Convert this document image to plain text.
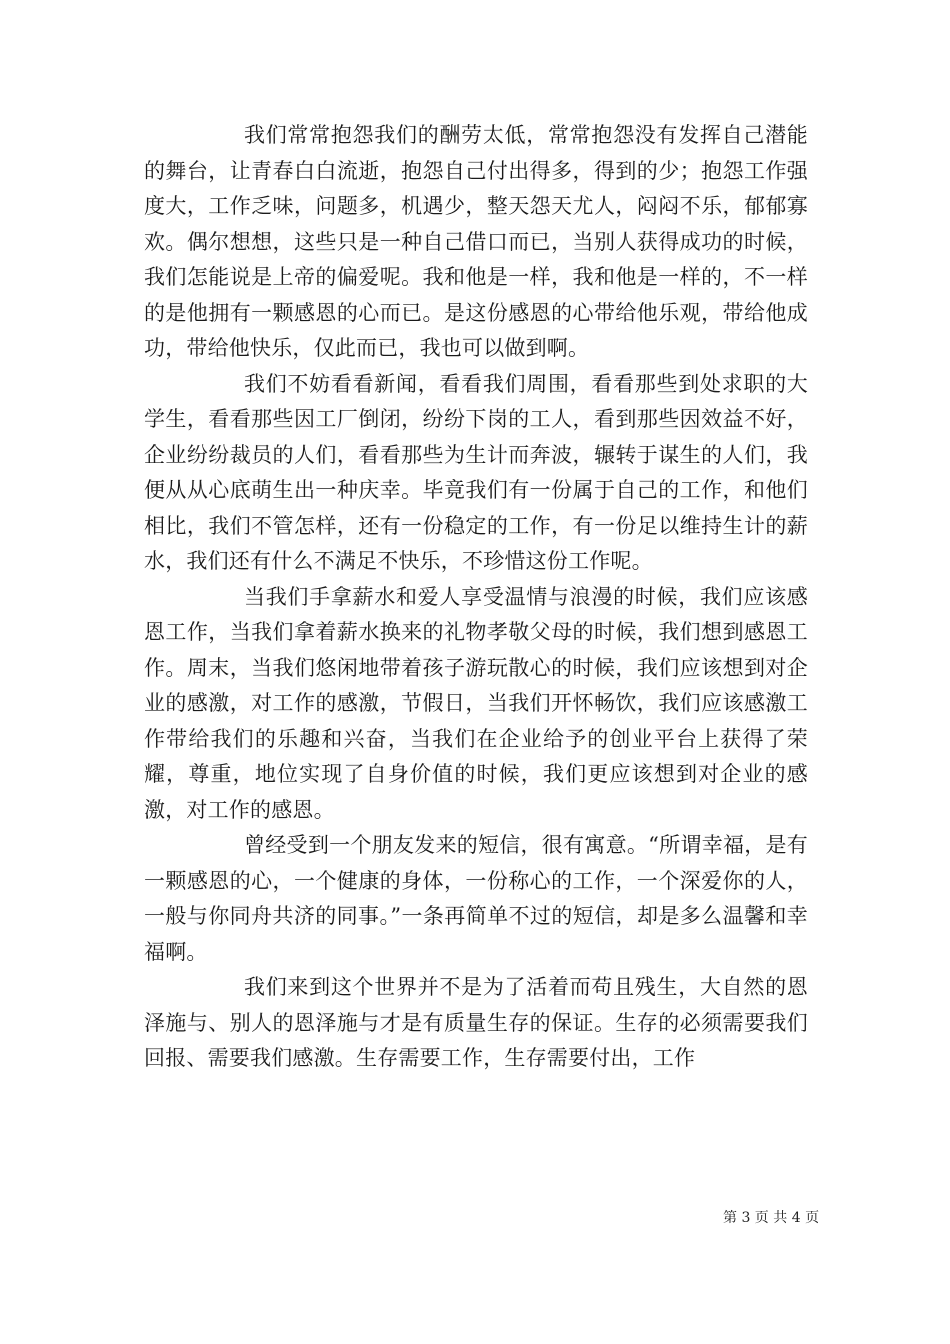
我们常常抱怨我们的酬劳太低，常常抱怨没有发挥自己潜能的舞台，让青春白白流逝，抱怨自己付出得多，得到的少；抱怨工作强度大，工作乏味，问题多，机遇少，整天怨天尤人，闷闷不乐，郁郁寡欢。偶尔想想，这些只是一种自己借口而已，当别人获得成功的时候，我们怎能说是上帝的偏爱呢。我和他是一样，我和他是一样的，不一样的是他拥有一颗感恩的心而已。是这份感恩的心带给他乐观，带给他成功，带给他快乐，仅此而已，我也可以做到啊。

我们不妨看看新闻，看看我们周围，看看那些到处求职的大学生，看看那些因工厂倒闭，纷纷下岗的工人，看到那些因效益不好，企业纷纷裁员的人们，看看那些为生计而奔波，辗转于谋生的人们，我便从从心底萌生出一种庆幸。毕竟我们有一份属于自己的工作，和他们相比，我们不管怎样，还有一份稳定的工作，有一份足以维持生计的薪水，我们还有什么不满足不快乐，不珍惜这份工作呢。

当我们手拿薪水和爱人享受温情与浪漫的时候，我们应该感恩工作，当我们拿着薪水换来的礼物孝敬父母的时候，我们想到感恩工作。周末，当我们悠闲地带着孩子游玩散心的时候，我们应该想到对企业的感激，对工作的感激，节假日，当我们开怀畅饮，我们应该感激工作带给我们的乐趣和兴奋，当我们在企业给予的创业平台上获得了荣耀，尊重，地位实现了自身价值的时候，我们更应该想到对企业的感激，对工作的感恩。

曾经受到一个朋友发来的短信，很有寓意。“所谓幸福，是有一颗感恩的心，一个健康的身体，一份称心的工作，一个深爱你的人，一般与你同舟共济的同事。”一条再简单不过的短信，却是多么温馨和幸福啊。

我们来到这个世界并不是为了活着而苟且残生，大自然的恩泽施与、别人的恩泽施与才是有质量生存的保证。生存的必须需要我们回报、需要我们感激。生存需要工作，生存需要付出，工作

第 3 页 共 4 页
